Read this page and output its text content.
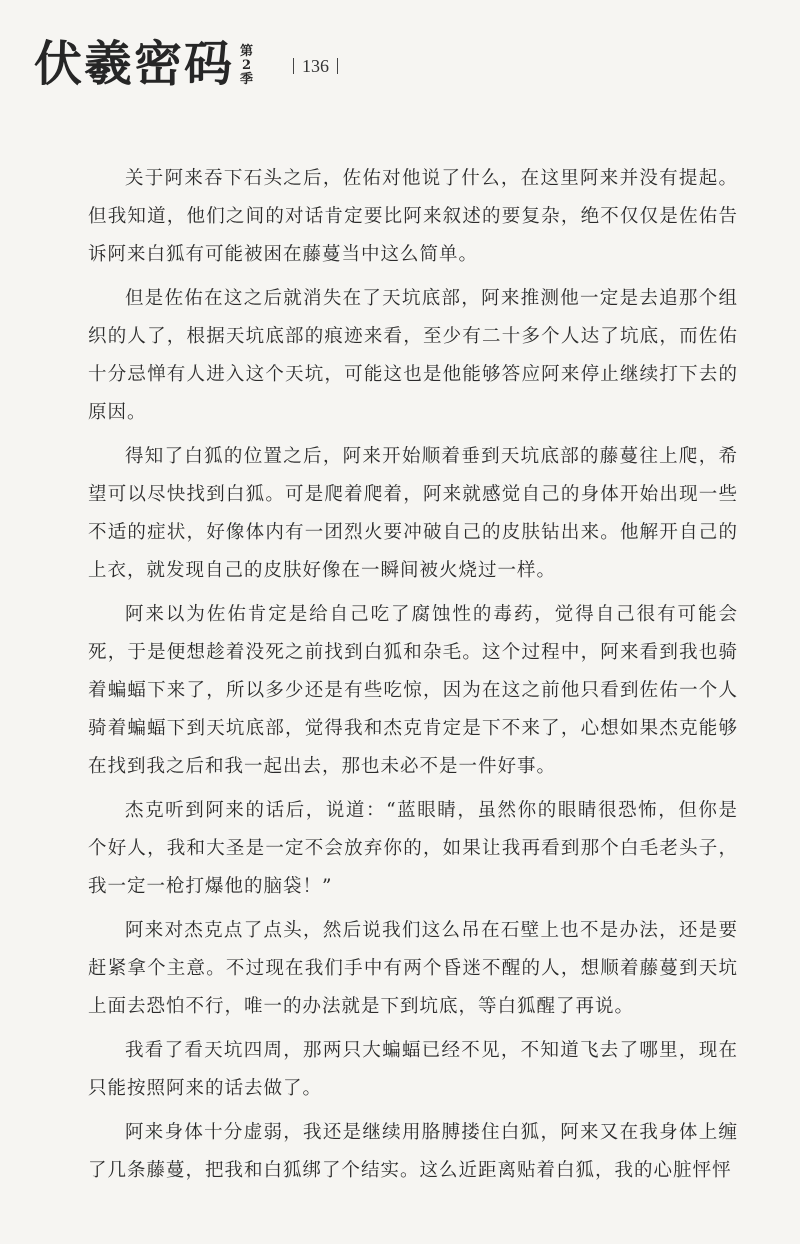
伏羲密码 第
2
季
136

关于阿来吞下石头之后，佐佑对他说了什么，在这里阿来并没有提起。但我知道，他们之间的对话肯定要比阿来叙述的要复杂，绝不仅仅是佐佑告诉阿来白狐有可能被困在藤蔓当中这么简单。

但是佐佑在这之后就消失在了天坑底部，阿来推测他一定是去追那个组织的人了，根据天坑底部的痕迹来看，至少有二十多个人达了坑底，而佐佑十分忌惮有人进入这个天坑，可能这也是他能够答应阿来停止继续打下去的原因。

得知了白狐的位置之后，阿来开始顺着垂到天坑底部的藤蔓往上爬，希望可以尽快找到白狐。可是爬着爬着，阿来就感觉自己的身体开始出现一些不适的症状，好像体内有一团烈火要冲破自己的皮肤钻出来。他解开自己的上衣，就发现自己的皮肤好像在一瞬间被火烧过一样。

阿来以为佐佑肯定是给自己吃了腐蚀性的毒药，觉得自己很有可能会死，于是便想趁着没死之前找到白狐和杂毛。这个过程中，阿来看到我也骑着蝙蝠下来了，所以多少还是有些吃惊，因为在这之前他只看到佐佑一个人骑着蝙蝠下到天坑底部，觉得我和杰克肯定是下不来了，心想如果杰克能够在找到我之后和我一起出去，那也未必不是一件好事。

杰克听到阿来的话后，说道：“蓝眼睛，虽然你的眼睛很恐怖，但你是个好人，我和大圣是一定不会放弃你的，如果让我再看到那个白毛老头子，我一定一枪打爆他的脑袋！”

阿来对杰克点了点头，然后说我们这么吊在石壁上也不是办法，还是要赶紧拿个主意。不过现在我们手中有两个昏迷不醒的人，想顺着藤蔓到天坑上面去恐怕不行，唯一的办法就是下到坑底，等白狐醒了再说。

我看了看天坑四周，那两只大蝙蝠已经不见，不知道飞去了哪里，现在只能按照阿来的话去做了。

阿来身体十分虚弱，我还是继续用胳膊搂住白狐，阿来又在我身体上缠了几条藤蔓，把我和白狐绑了个结实。这么近距离贴着白狐，我的心脏怦怦
